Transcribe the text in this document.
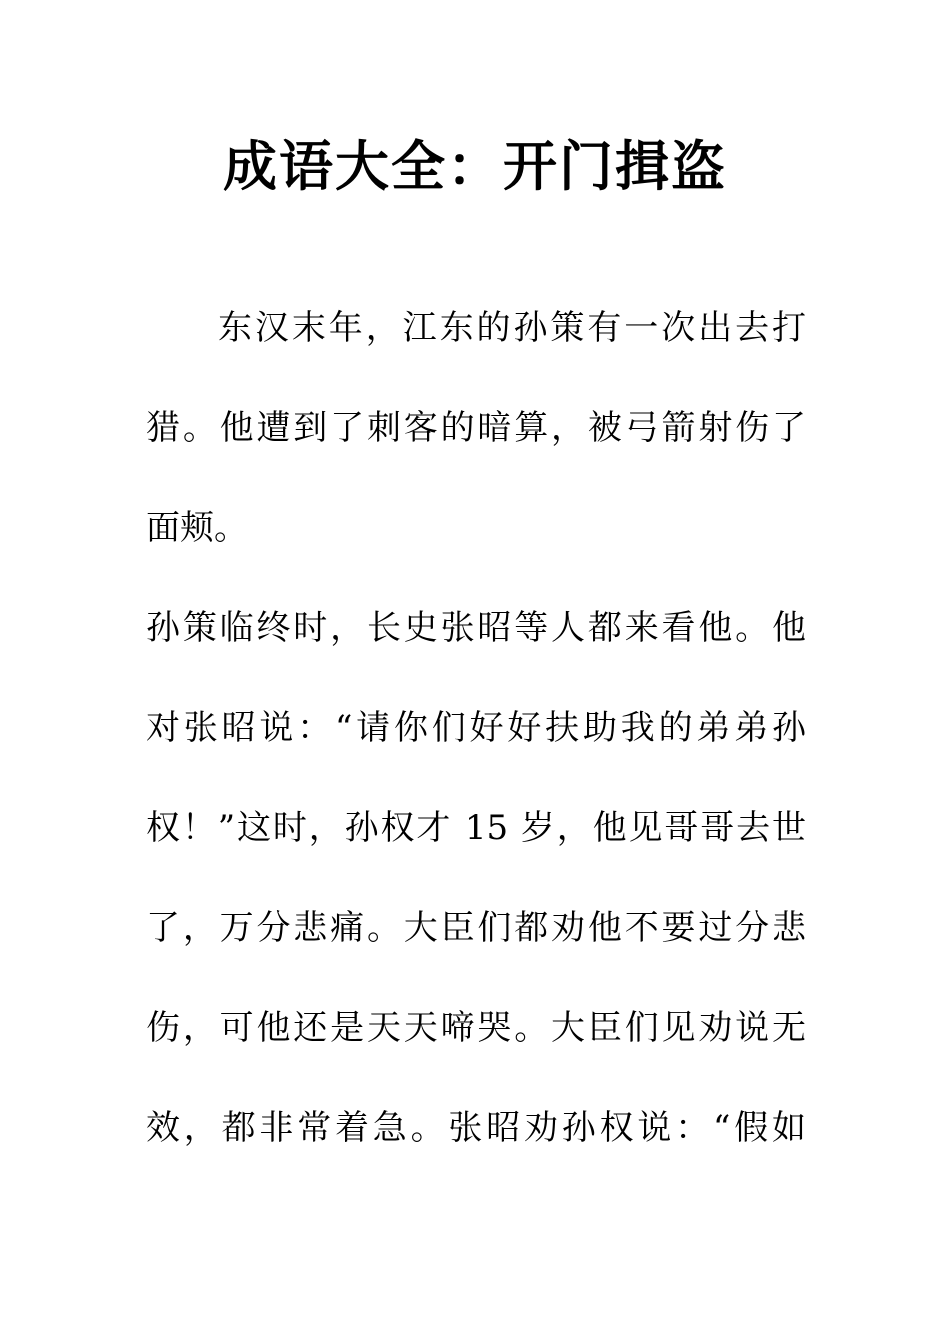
成语大全：开门揖盗

东汉末年，江东的孙策有一次出去打

猎。他遭到了刺客的暗算，被弓箭射伤了

面颊。

孙策临终时，长史张昭等人都来看他。他

对张昭说：“请你们好好扶助我的弟弟孙

权！”这时，孙权才 15 岁，他见哥哥去世

了，万分悲痛。大臣们都劝他不要过分悲

伤，可他还是天天啼哭。大臣们见劝说无

效，都非常着急。张昭劝孙权说：“假如
